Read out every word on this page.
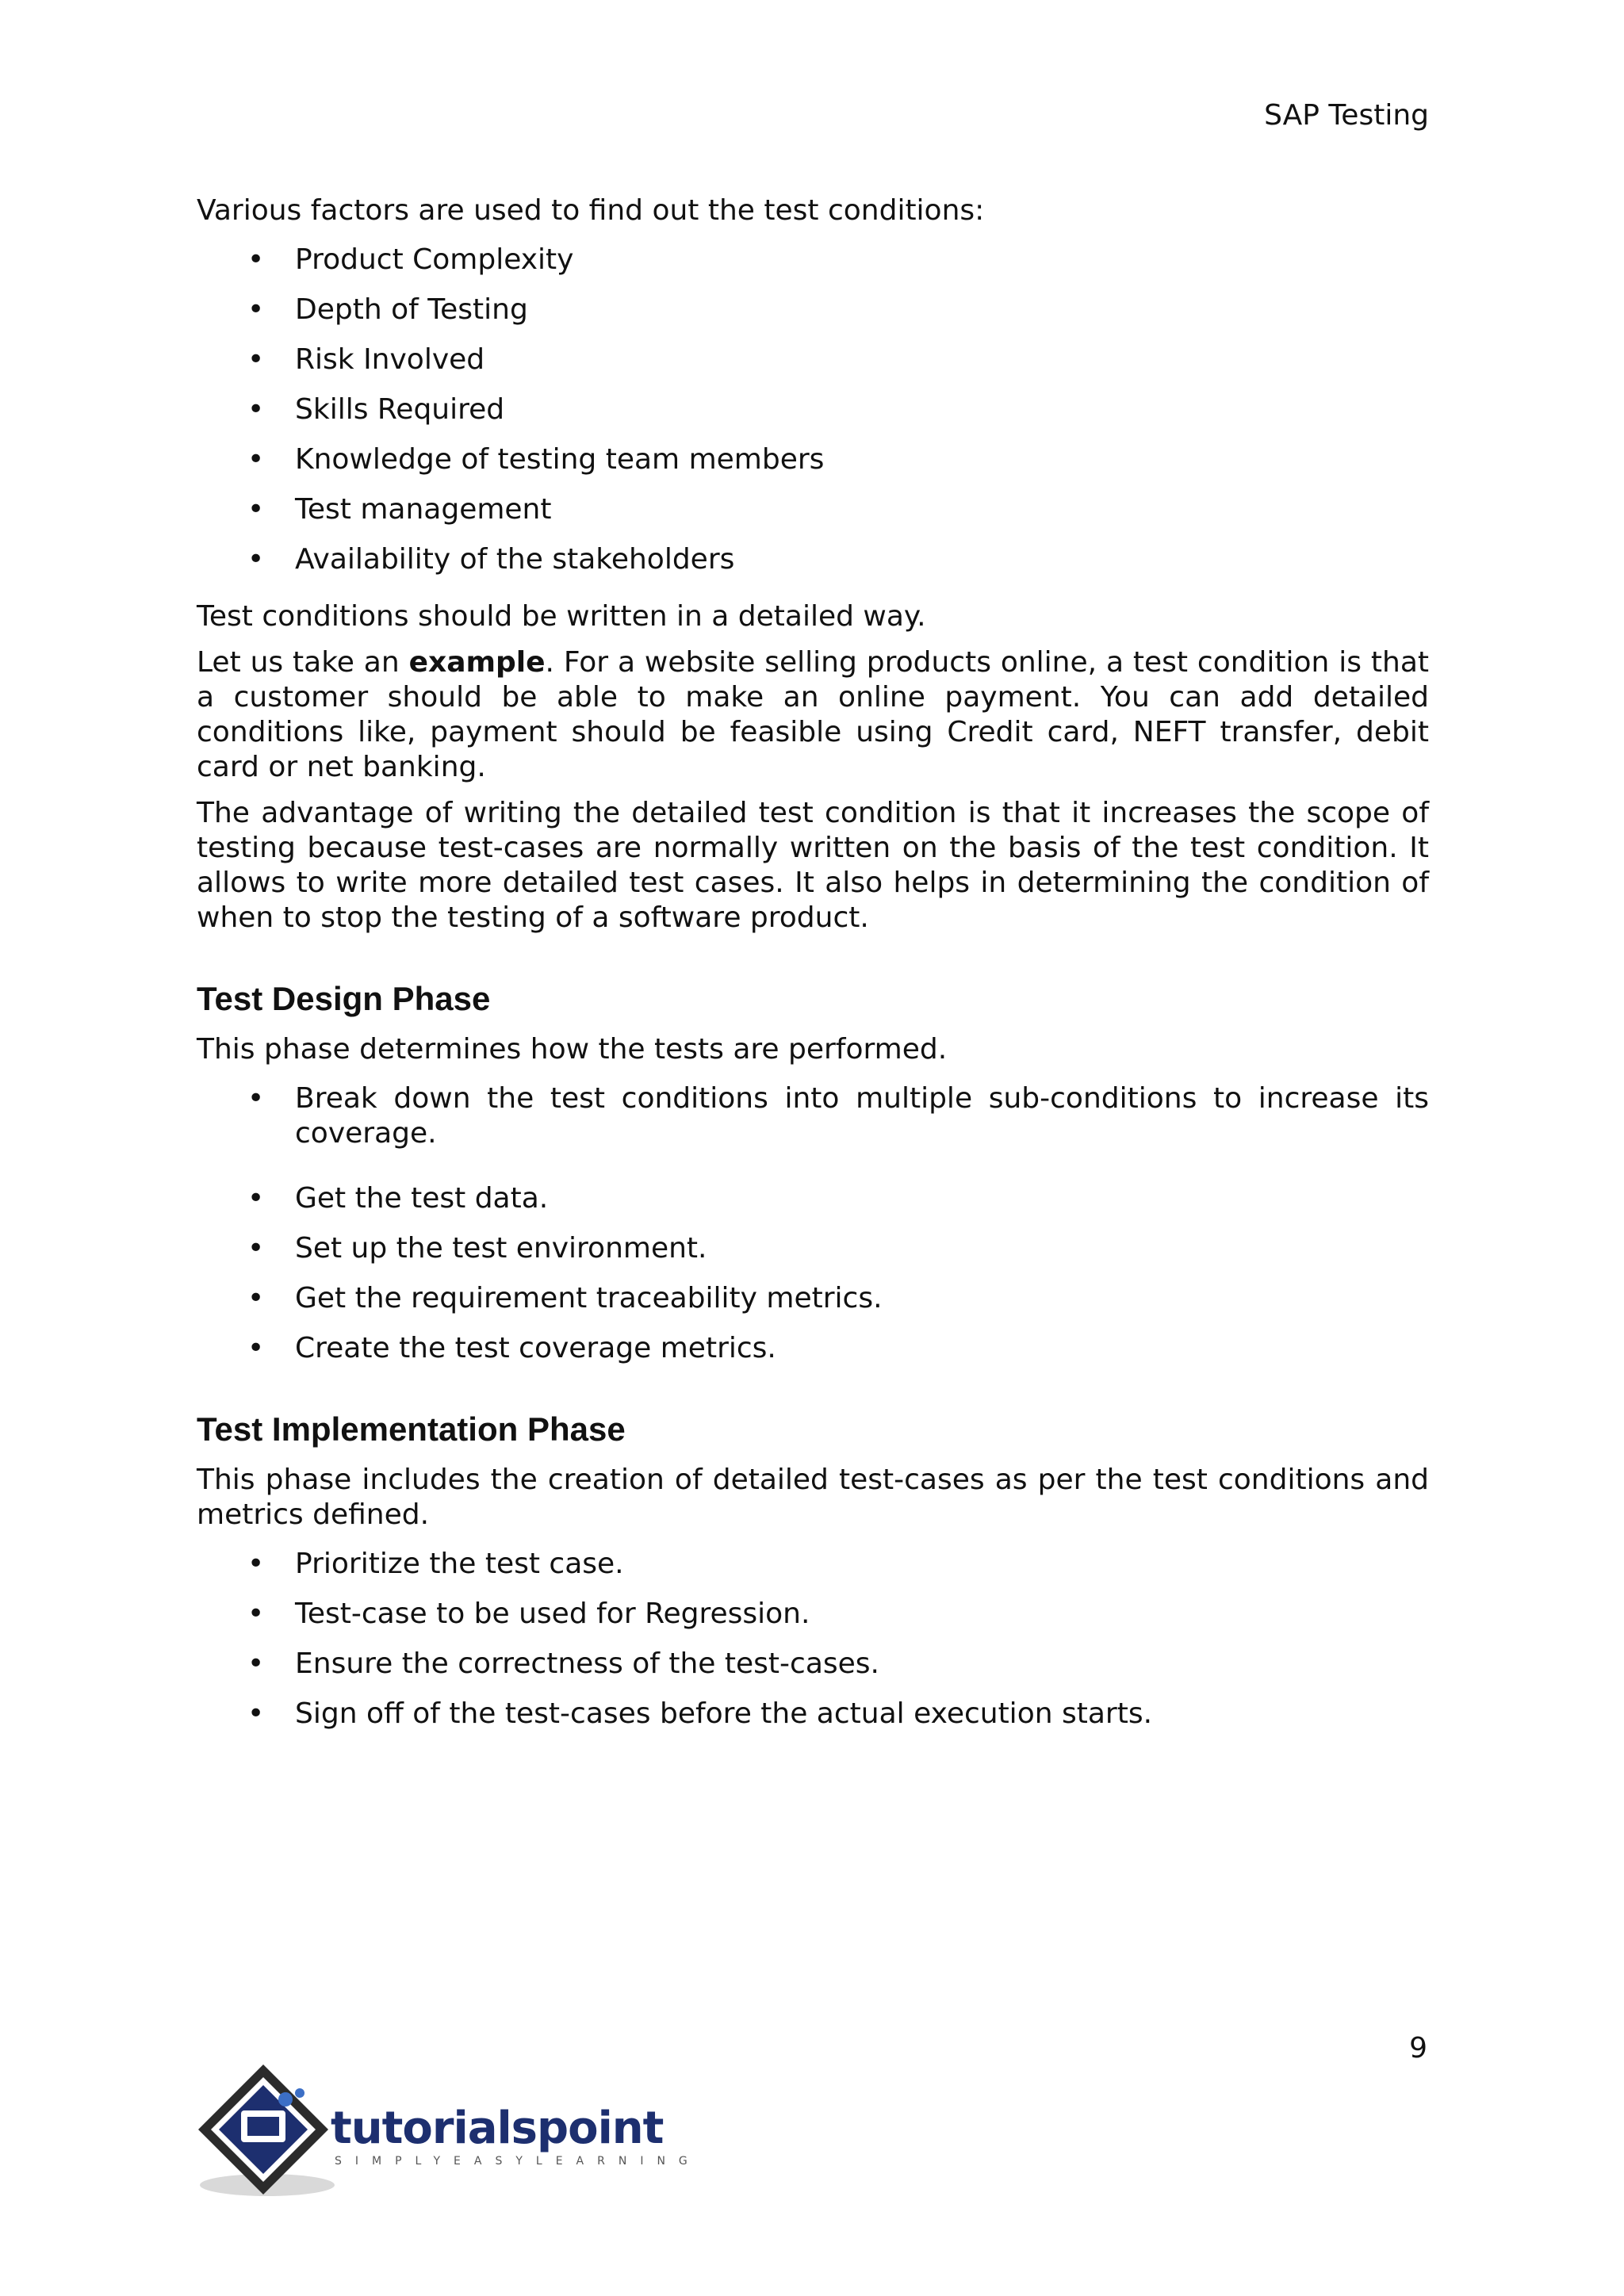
SAP Testing

Various factors are used to find out the test conditions:

• Product Complexity
• Depth of Testing
• Risk Involved
• Skills Required
• Knowledge of testing team members
• Test management
• Availability of the stakeholders

Test conditions should be written in a detailed way.

Let us take an example. For a website selling products online, a test condition is that a customer should be able to make an online payment. You can add detailed conditions like, payment should be feasible using Credit card, NEFT transfer, debit card or net banking.

The advantage of writing the detailed test condition is that it increases the scope of testing because test-cases are normally written on the basis of the test condition. It allows to write more detailed test cases. It also helps in determining the condition of when to stop the testing of a software product.

Test Design Phase

This phase determines how the tests are performed.

• Break down the test conditions into multiple sub-conditions to increase its coverage.
• Get the test data.
• Set up the test environment.
• Get the requirement traceability metrics.
• Create the test coverage metrics.
Test Implementation Phase

This phase includes the creation of detailed test-cases as per the test conditions and metrics defined.

• Prioritize the test case.
• Test-case to be used for Regression.
• Ensure the correctness of the test-cases.
• Sign off of the test-cases before the actual execution starts.
9
tutorialspoint
SIMPLYEASYLEARNING
